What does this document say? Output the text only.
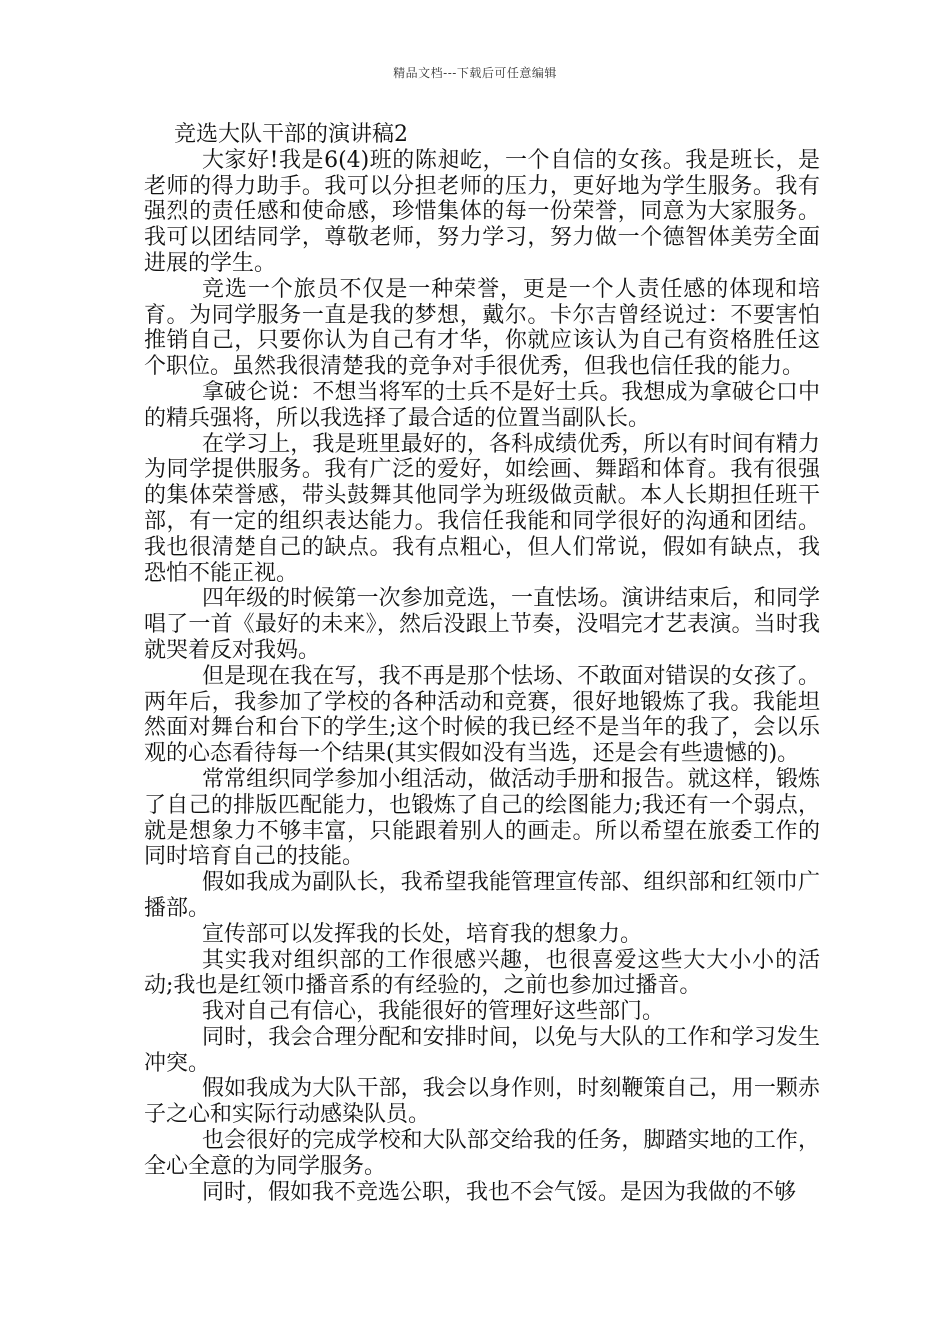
精品文档---下载后可任意编辑

竞选大队干部的演讲稿2

大家好!我是6(4)班的陈昶屹，一个自信的女孩。我是班长，是老师的得力助手。我可以分担老师的压力，更好地为学生服务。我有强烈的责任感和使命感，珍惜集体的每一份荣誉，同意为大家服务。我可以团结同学，尊敬老师，努力学习，努力做一个德智体美劳全面进展的学生。

竞选一个旅员不仅是一种荣誉，更是一个人责任感的体现和培育。为同学服务一直是我的梦想，戴尔。卡尔吉曾经说过：不要害怕推销自己，只要你认为自己有才华，你就应该认为自己有资格胜任这个职位。虽然我很清楚我的竞争对手很优秀，但我也信任我的能力。

拿破仑说：不想当将军的士兵不是好士兵。我想成为拿破仑口中的精兵强将，所以我选择了最合适的位置当副队长。

在学习上，我是班里最好的，各科成绩优秀，所以有时间有精力为同学提供服务。我有广泛的爱好，如绘画、舞蹈和体育。我有很强的集体荣誉感，带头鼓舞其他同学为班级做贡献。本人长期担任班干部，有一定的组织表达能力。我信任我能和同学很好的沟通和团结。我也很清楚自己的缺点。我有点粗心，但人们常说，假如有缺点，我恐怕不能正视。

四年级的时候第一次参加竞选，一直怯场。演讲结束后，和同学唱了一首《最好的未来》，然后没跟上节奏，没唱完才艺表演。当时我就哭着反对我妈。

但是现在我在写，我不再是那个怯场、不敢面对错误的女孩了。两年后，我参加了学校的各种活动和竞赛，很好地锻炼了我。我能坦然面对舞台和台下的学生;这个时候的我已经不是当年的我了，会以乐观的心态看待每一个结果(其实假如没有当选，还是会有些遗憾的)。

常常组织同学参加小组活动，做活动手册和报告。就这样，锻炼了自己的排版匹配能力，也锻炼了自己的绘图能力;我还有一个弱点，就是想象力不够丰富，只能跟着别人的画走。所以希望在旅委工作的同时培育自己的技能。

假如我成为副队长，我希望我能管理宣传部、组织部和红领巾广播部。

宣传部可以发挥我的长处，培育我的想象力。

其实我对组织部的工作很感兴趣，也很喜爱这些大大小小的活动;我也是红领巾播音系的有经验的，之前也参加过播音。

我对自己有信心，我能很好的管理好这些部门。

同时，我会合理分配和安排时间，以免与大队的工作和学习发生冲突。

假如我成为大队干部，我会以身作则，时刻鞭策自己，用一颗赤子之心和实际行动感染队员。

也会很好的完成学校和大队部交给我的任务，脚踏实地的工作，全心全意的为同学服务。

同时，假如我不竞选公职，我也不会气馁。是因为我做的不够
